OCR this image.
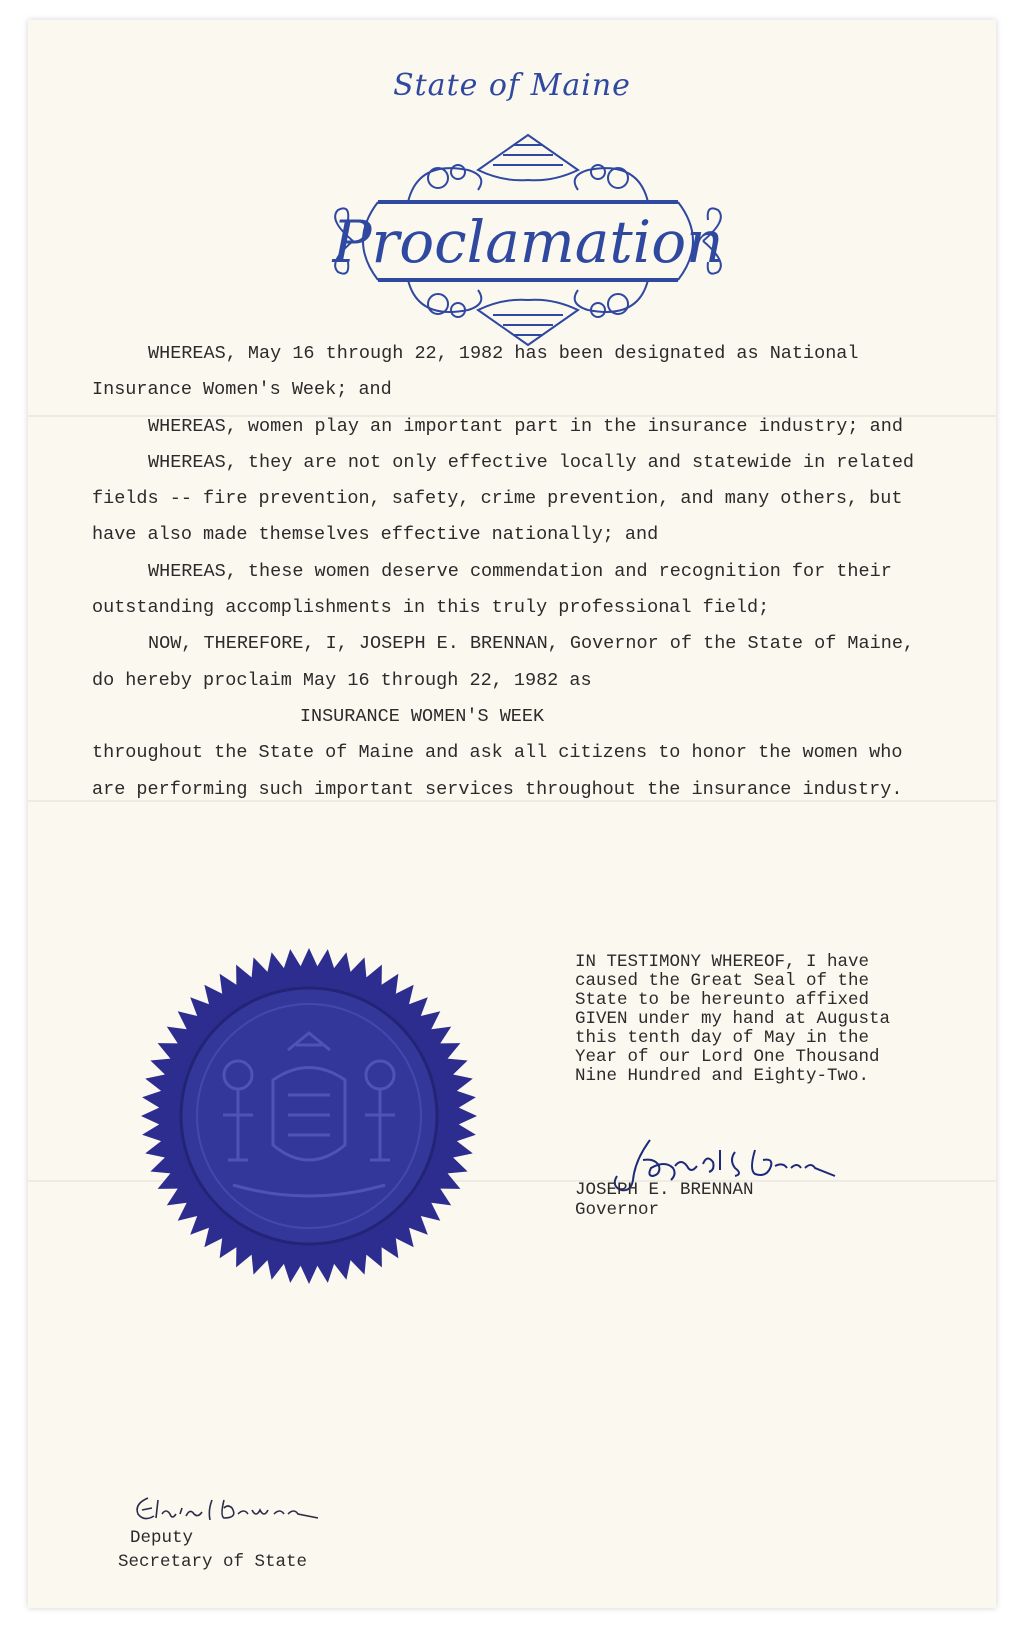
State of Maine
Proclamation

WHEREAS, May 16 through 22, 1982 has been designated as National Insurance Women's Week; and

WHEREAS, women play an important part in the insurance industry; and

WHEREAS, they are not only effective locally and statewide in related fields -- fire prevention, safety, crime prevention, and many others, but have also made themselves effective nationally; and

WHEREAS, these women deserve commendation and recognition for their outstanding accomplishments in this truly professional field;

NOW, THEREFORE, I, JOSEPH E. BRENNAN, Governor of the State of Maine, do hereby proclaim May 16 through 22, 1982 as

INSURANCE WOMEN'S WEEK

throughout the State of Maine and ask all citizens to honor the women who are performing such important services throughout the insurance industry.

IN TESTIMONY WHEREOF, I have
caused the Great Seal of the
State to be hereunto affixed
GIVEN under my hand at Augusta
this tenth day of May in the
Year of our Lord One Thousand
Nine Hundred and Eighty-Two.
JOSEPH E. BRENNAN
Governor
Deputy
Secretary of State
